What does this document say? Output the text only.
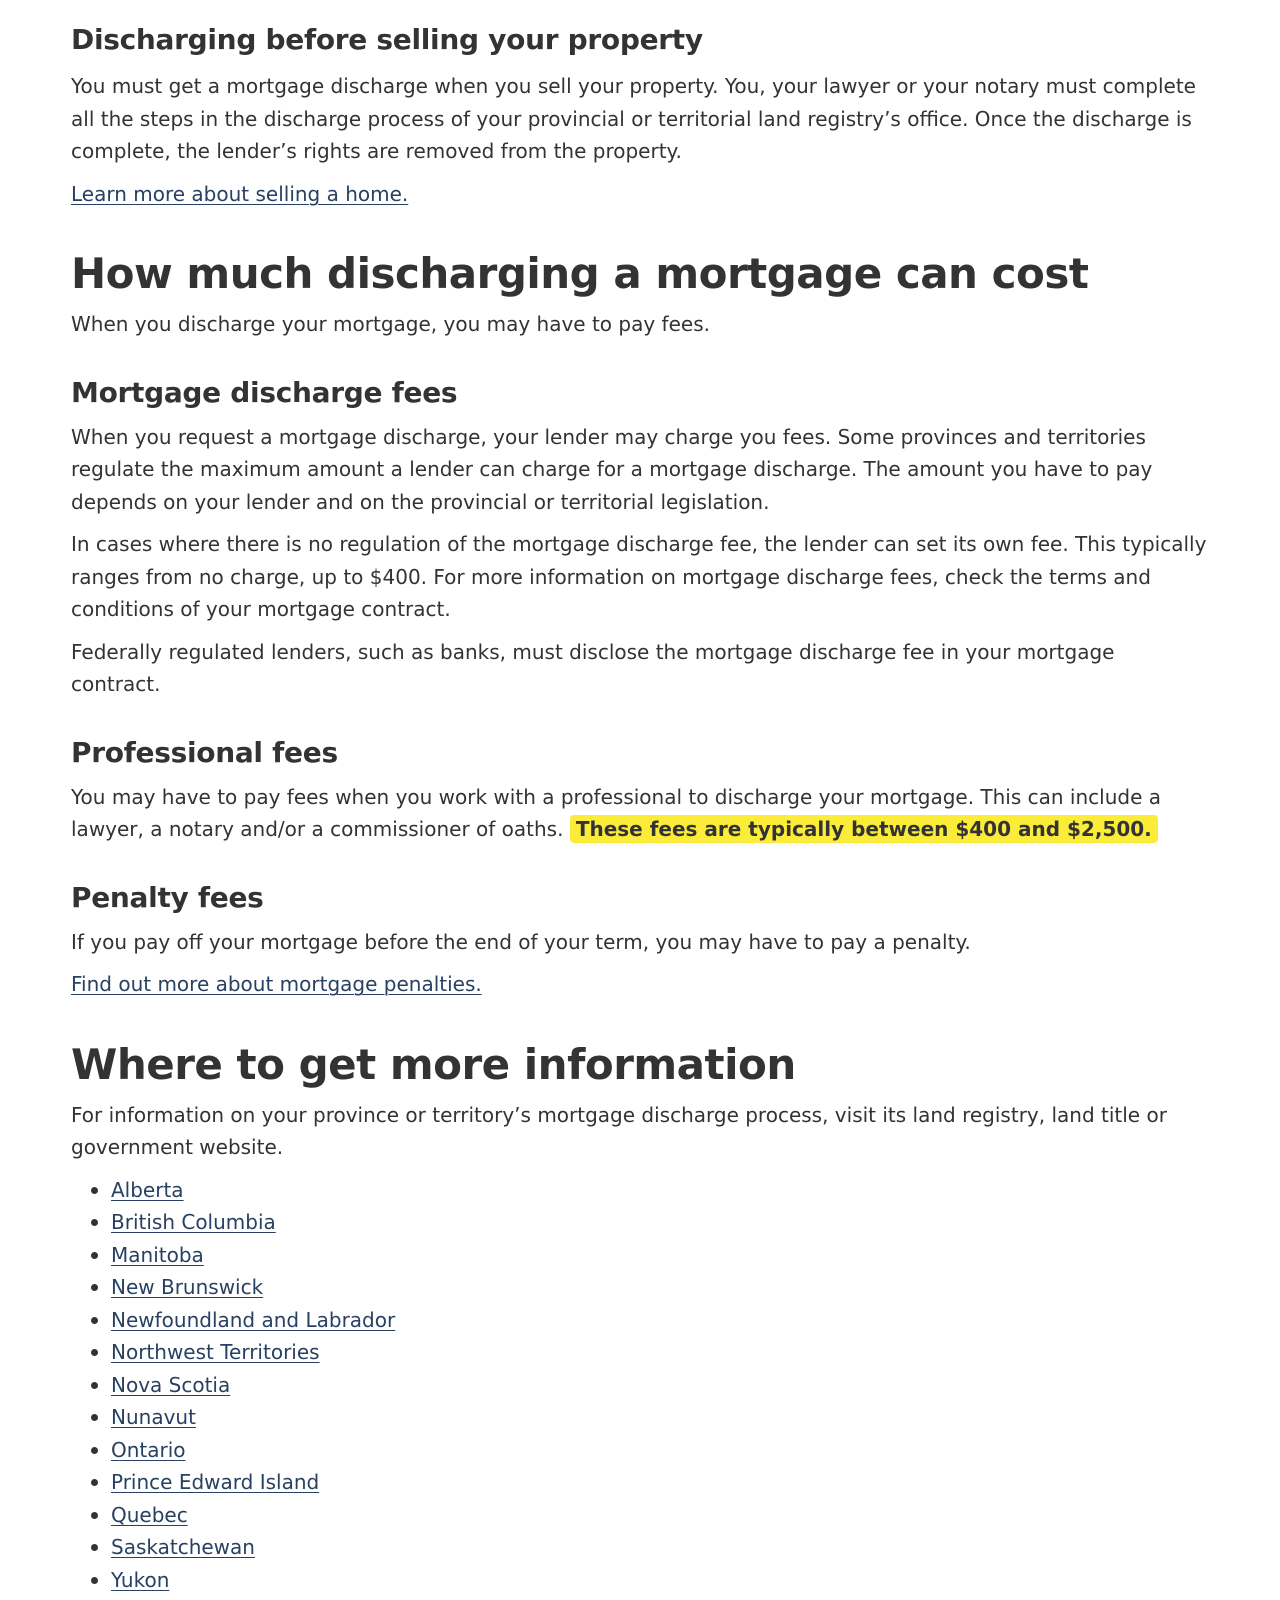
Discharging before selling your property

You must get a mortgage discharge when you sell your property. You, your lawyer or your notary must complete all the steps in the discharge process of your provincial or territorial land registry’s office. Once the discharge is complete, the lender’s rights are removed from the property.

Learn more about selling a home.

How much discharging a mortgage can cost

When you discharge your mortgage, you may have to pay fees.

Mortgage discharge fees

When you request a mortgage discharge, your lender may charge you fees. Some provinces and territories regulate the maximum amount a lender can charge for a mortgage discharge. The amount you have to pay depends on your lender and on the provincial or territorial legislation.

In cases where there is no regulation of the mortgage discharge fee, the lender can set its own fee. This typically ranges from no charge, up to $400. For more information on mortgage discharge fees, check the terms and conditions of your mortgage contract.

Federally regulated lenders, such as banks, must disclose the mortgage discharge fee in your mortgage contract.

Professional fees

You may have to pay fees when you work with a professional to discharge your mortgage. This can include a lawyer, a notary and/or a commissioner of oaths. These fees are typically between $400 and $2,500.

Penalty fees

If you pay off your mortgage before the end of your term, you may have to pay a penalty.

Find out more about mortgage penalties.

Where to get more information

For information on your province or territory’s mortgage discharge process, visit its land registry, land title or government website.

Alberta
British Columbia
Manitoba
New Brunswick
Newfoundland and Labrador
Northwest Territories
Nova Scotia
Nunavut
Ontario
Prince Edward Island
Quebec
Saskatchewan
Yukon
